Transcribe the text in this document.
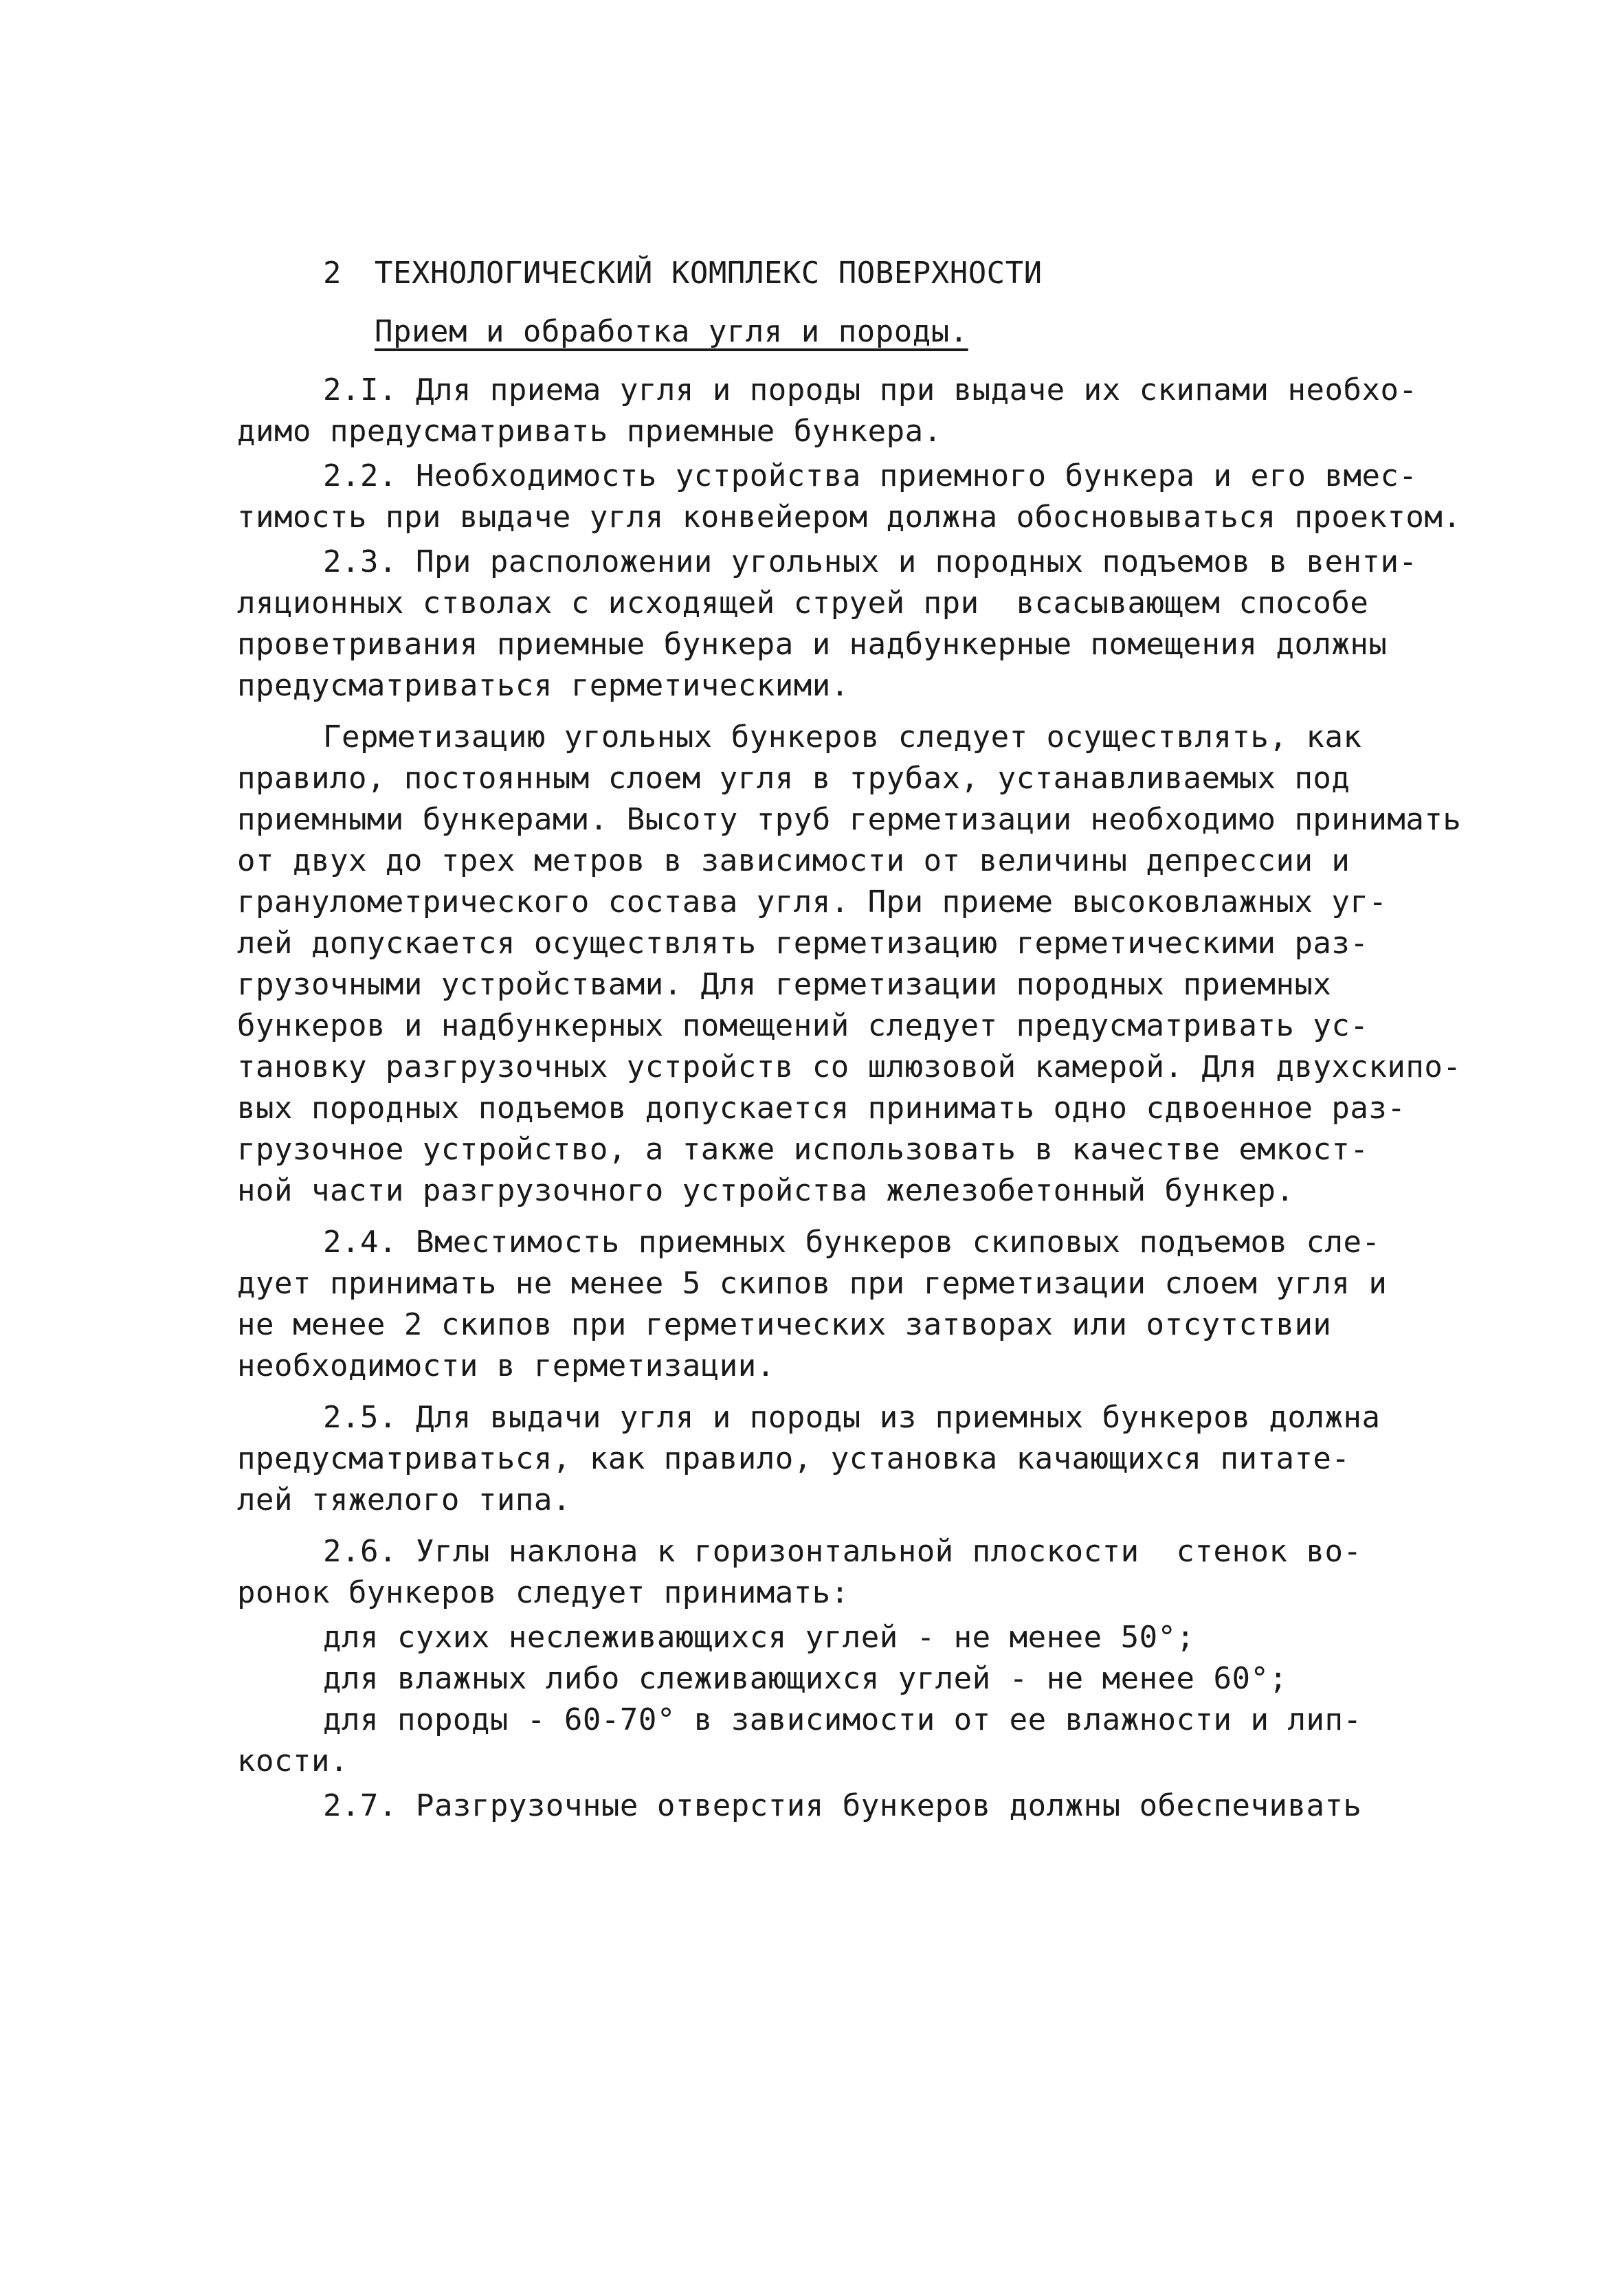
2 ТЕХНОЛОГИЧЕСКИЙ КОМПЛЕКС ПОВЕРХНОСТИ
Прием и обработка угля и породы.
2.I. Для приема угля и породы при выдаче их скипами необхо-
димо предусматривать приемные бункера.
2.2. Необходимость устройства приемного бункера и его вмес-
тимость при выдаче угля конвейером должна обосновываться проектом.
2.3. При расположении угольных и породных подъемов в венти-
ляционных стволах с исходящей струей при  всасывающем способе
проветривания приемные бункера и надбункерные помещения должны
предусматриваться герметическими.
Герметизацию угольных бункеров следует осуществлять, как
правило, постоянным слоем угля в трубах, устанавливаемых под
приемными бункерами. Высоту труб герметизации необходимо принимать
от двух до трех метров в зависимости от величины депрессии и
гранулометрического состава угля. При приеме высоковлажных уг-
лей допускается осуществлять герметизацию герметическими раз-
грузочными устройствами. Для герметизации породных приемных
бункеров и надбункерных помещений следует предусматривать ус-
тановку разгрузочных устройств со шлюзовой камерой. Для двухскипо-
вых породных подъемов допускается принимать одно сдвоенное раз-
грузочное устройство, а также использовать в качестве емкост-
ной части разгрузочного устройства железобетонный бункер.
2.4. Вместимость приемных бункеров скиповых подъемов сле-
дует принимать не менее 5 скипов при герметизации слоем угля и
не менее 2 скипов при герметических затворах или отсутствии
необходимости в герметизации.
2.5. Для выдачи угля и породы из приемных бункеров должна
предусматриваться, как правило, установка качающихся питате-
лей тяжелого типа.
2.6. Углы наклона к горизонтальной плоскости  стенок во-
ронок бункеров следует принимать:
для сухих неслеживающихся углей - не менее 50°;
для влажных либо слеживающихся углей - не менее 60°;
для породы - 60-70° в зависимости от ее влажности и лип-
кости.
2.7. Разгрузочные отверстия бункеров должны обеспечивать
